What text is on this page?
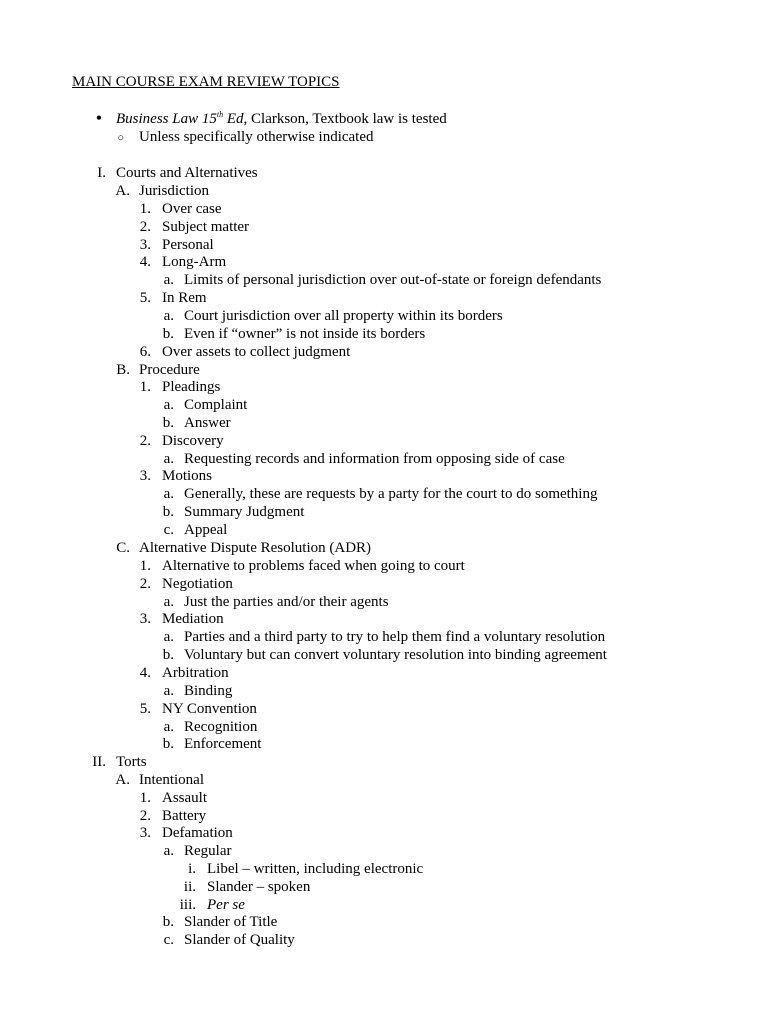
MAIN COURSE EXAM REVIEW TOPICS
• Business Law 15th Ed, Clarkson, Textbook law is tested
○ Unless specifically otherwise indicated
I. Courts and Alternatives
A. Jurisdiction
1. Over case
2. Subject matter
3. Personal
4. Long-Arm
a. Limits of personal jurisdiction over out-of-state or foreign defendants
5. In Rem
a. Court jurisdiction over all property within its borders
b. Even if “owner” is not inside its borders
6. Over assets to collect judgment
B. Procedure
1. Pleadings
a. Complaint
b. Answer
2. Discovery
a. Requesting records and information from opposing side of case
3. Motions
a. Generally, these are requests by a party for the court to do something
b. Summary Judgment
c. Appeal
C. Alternative Dispute Resolution (ADR)
1. Alternative to problems faced when going to court
2. Negotiation
a. Just the parties and/or their agents
3. Mediation
a. Parties and a third party to try to help them find a voluntary resolution
b. Voluntary but can convert voluntary resolution into binding agreement
4. Arbitration
a. Binding
5. NY Convention
a. Recognition
b. Enforcement
II. Torts
A. Intentional
1. Assault
2. Battery
3. Defamation
a. Regular
i. Libel – written, including electronic
ii. Slander – spoken
iii. Per se
b. Slander of Title
c. Slander of Quality
